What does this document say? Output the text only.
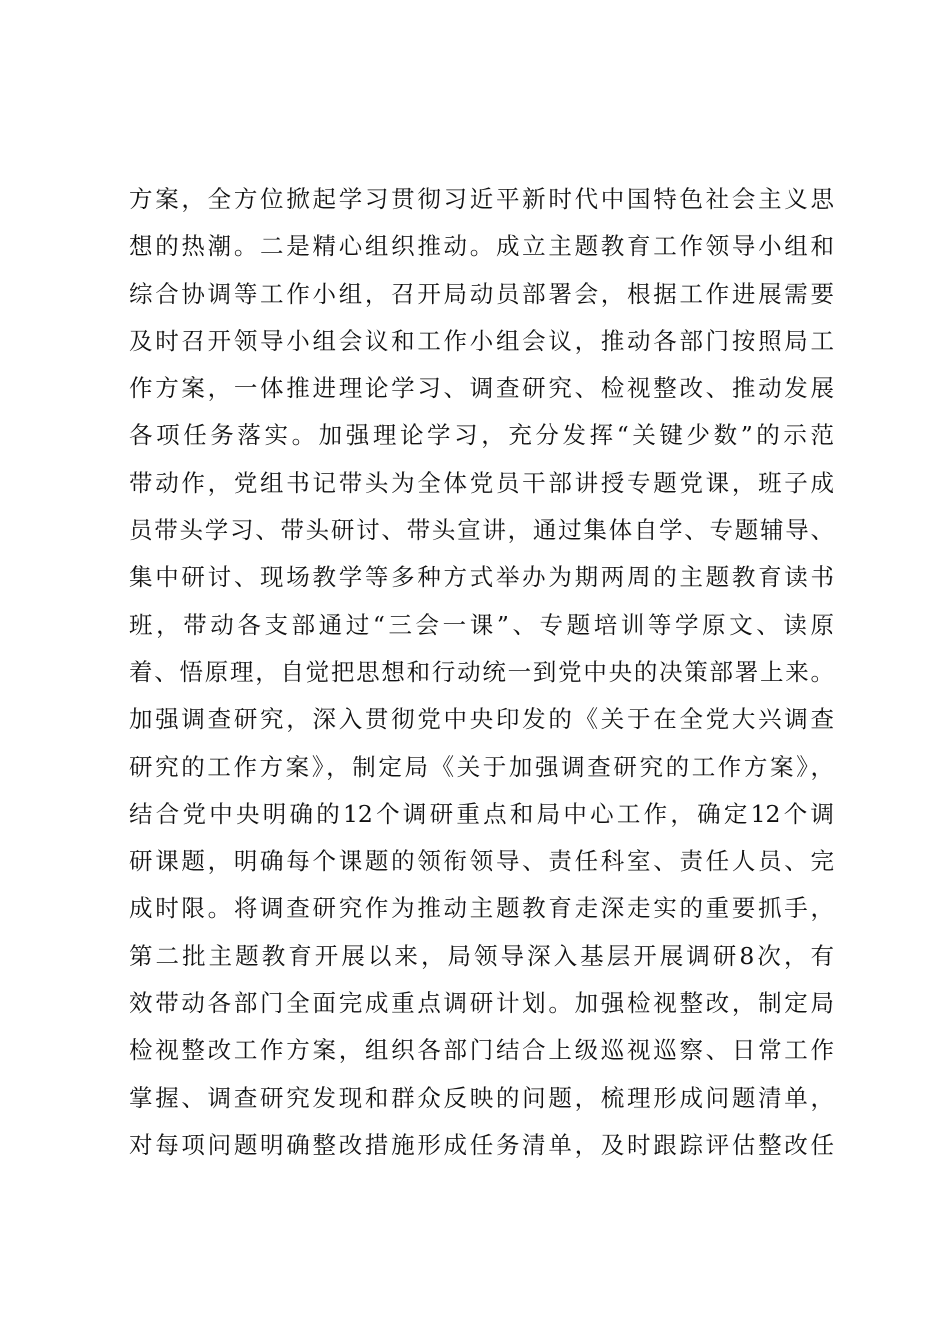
方案，全方位掀起学习贯彻习近平新时代中国特色社会主义思
想的热潮。二是精心组织推动。成立主题教育工作领导小组和
综合协调等工作小组，召开局动员部署会，根据工作进展需要
及时召开领导小组会议和工作小组会议，推动各部门按照局工
作方案，一体推进理论学习、调查研究、检视整改、推动发展
各项任务落实。加强理论学习，充分发挥“关键少数”的示范
带动作，党组书记带头为全体党员干部讲授专题党课，班子成
员带头学习、带头研讨、带头宣讲，通过集体自学、专题辅导、
集中研讨、现场教学等多种方式举办为期两周的主题教育读书
班，带动各支部通过“三会一课”、专题培训等学原文、读原
着、悟原理，自觉把思想和行动统一到党中央的决策部署上来。
加强调查研究，深入贯彻党中央印发的《关于在全党大兴调查
研究的工作方案》，制定局《关于加强调查研究的工作方案》，
结合党中央明确的12个调研重点和局中心工作，确定12个调
研课题，明确每个课题的领衔领导、责任科室、责任人员、完
成时限。将调查研究作为推动主题教育走深走实的重要抓手，
第二批主题教育开展以来，局领导深入基层开展调研8次，有
效带动各部门全面完成重点调研计划。加强检视整改，制定局
检视整改工作方案，组织各部门结合上级巡视巡察、日常工作
掌握、调查研究发现和群众反映的问题，梳理形成问题清单，
对每项问题明确整改措施形成任务清单，及时跟踪评估整改任
